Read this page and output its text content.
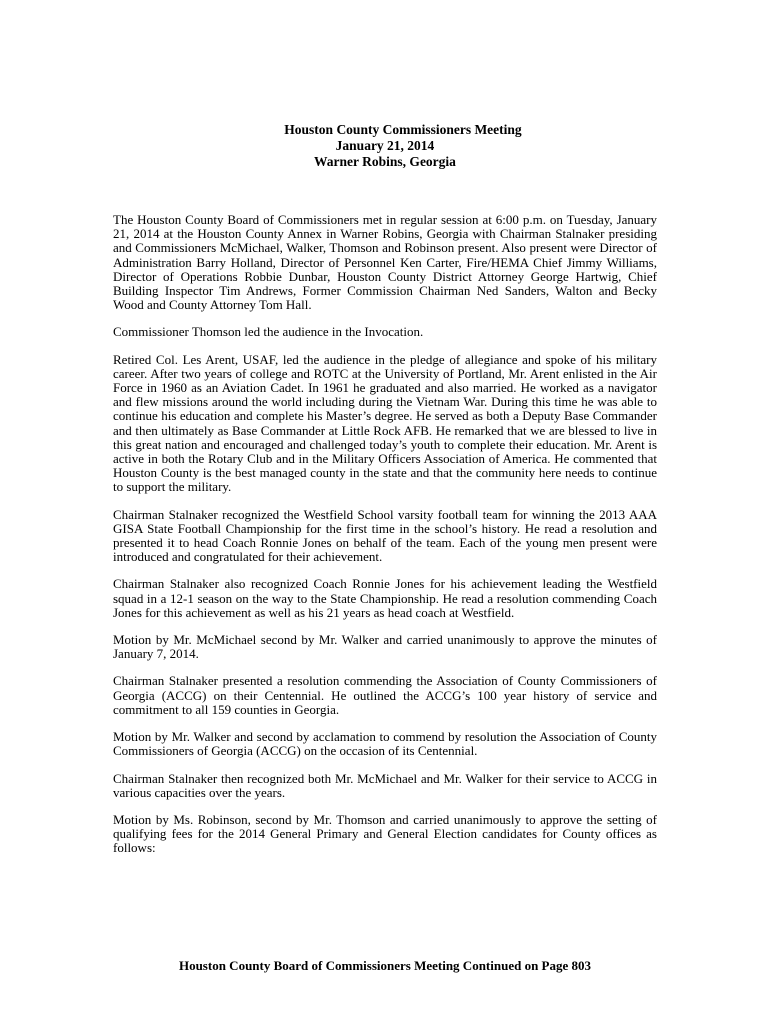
Houston County Commissioners Meeting
January 21, 2014
Warner Robins, Georgia

The Houston County Board of Commissioners met in regular session at 6:00 p.m. on Tuesday, January 21, 2014 at the Houston County Annex in Warner Robins, Georgia with Chairman Stalnaker presiding and Commissioners McMichael, Walker, Thomson and Robinson present. Also present were Director of Administration Barry Holland, Director of Personnel Ken Carter, Fire/HEMA Chief Jimmy Williams, Director of Operations Robbie Dunbar, Houston County District Attorney George Hartwig, Chief Building Inspector Tim Andrews, Former Commission Chairman Ned Sanders, Walton and Becky Wood and County Attorney Tom Hall.

Commissioner Thomson led the audience in the Invocation.

Retired Col. Les Arent, USAF, led the audience in the pledge of allegiance and spoke of his military career. After two years of college and ROTC at the University of Portland, Mr. Arent enlisted in the Air Force in 1960 as an Aviation Cadet. In 1961 he graduated and also married. He worked as a navigator and flew missions around the world including during the Vietnam War. During this time he was able to continue his education and complete his Master’s degree. He served as both a Deputy Base Commander and then ultimately as Base Commander at Little Rock AFB. He remarked that we are blessed to live in this great nation and encouraged and challenged today’s youth to complete their education. Mr. Arent is active in both the Rotary Club and in the Military Officers Association of America. He commented that Houston County is the best managed county in the state and that the community here needs to continue to support the military.

Chairman Stalnaker recognized the Westfield School varsity football team for winning the 2013 AAA GISA State Football Championship for the first time in the school’s history. He read a resolution and presented it to head Coach Ronnie Jones on behalf of the team. Each of the young men present were introduced and congratulated for their achievement.

Chairman Stalnaker also recognized Coach Ronnie Jones for his achievement leading the Westfield squad in a 12-1 season on the way to the State Championship. He read a resolution commending Coach Jones for this achievement as well as his 21 years as head coach at Westfield.

Motion by Mr. McMichael second by Mr. Walker and carried unanimously to approve the minutes of January 7, 2014.

Chairman Stalnaker presented a resolution commending the Association of County Commissioners of Georgia (ACCG) on their Centennial. He outlined the ACCG’s 100 year history of service and commitment to all 159 counties in Georgia.

Motion by Mr. Walker and second by acclamation to commend by resolution the Association of County Commissioners of Georgia (ACCG) on the occasion of its Centennial.

Chairman Stalnaker then recognized both Mr. McMichael and Mr. Walker for their service to ACCG in various capacities over the years.

Motion by Ms. Robinson, second by Mr. Thomson and carried unanimously to approve the setting of qualifying fees for the 2014 General Primary and General Election candidates for County offices as follows:

Houston County Board of Commissioners Meeting Continued on Page 803
